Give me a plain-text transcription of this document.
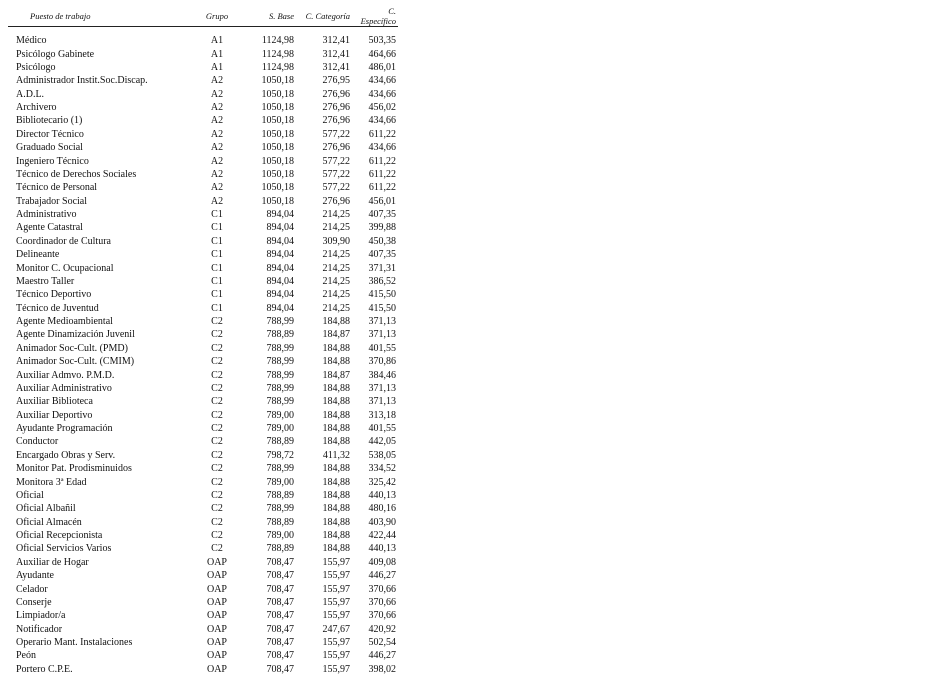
Puesto de trabajo	Grupo	S. Base	C. Categoría	C. Específico

Médico	A1	1124,98	312,41	503,35
Psicólogo Gabinete	A1	1124,98	312,41	464,66
Psicólogo	A1	1124,98	312,41	486,01
Administrador Instit.Soc.Discap.	A2	1050,18	276,95	434,66
A.D.L.	A2	1050,18	276,96	434,66
Archivero	A2	1050,18	276,96	456,02
Bibliotecario (1)	A2	1050,18	276,96	434,66
Director Técnico	A2	1050,18	577,22	611,22
Graduado Social	A2	1050,18	276,96	434,66
Ingeniero Técnico	A2	1050,18	577,22	611,22
Técnico de Derechos Sociales	A2	1050,18	577,22	611,22
Técnico de Personal	A2	1050,18	577,22	611,22
Trabajador Social	A2	1050,18	276,96	456,01
Administrativo	C1	894,04	214,25	407,35
Agente Catastral	C1	894,04	214,25	399,88
Coordinador de Cultura	C1	894,04	309,90	450,38
Delineante	C1	894,04	214,25	407,35
Monitor C. Ocupacional	C1	894,04	214,25	371,31
Maestro Taller	C1	894,04	214,25	386,52
Técnico Deportivo	C1	894,04	214,25	415,50
Técnico de Juventud	C1	894,04	214,25	415,50
Agente Medioambiental	C2	788,99	184,88	371,13
Agente Dinamización Juvenil	C2	788,89	184,87	371,13
Animador Soc-Cult. (PMD)	C2	788,99	184,88	401,55
Animador Soc-Cult. (CMIM)	C2	788,99	184,88	370,86
Auxiliar Admvo. P.M.D.	C2	788,99	184,87	384,46
Auxiliar Administrativo	C2	788,99	184,88	371,13
Auxiliar Biblioteca	C2	788,99	184,88	371,13
Auxiliar Deportivo	C2	789,00	184,88	313,18
Ayudante Programación	C2	789,00	184,88	401,55
Conductor	C2	788,89	184,88	442,05
Encargado Obras y Serv.	C2	798,72	411,32	538,05
Monitor Pat. Prodisminuidos	C2	788,99	184,88	334,52
Monitora 3ª Edad	C2	789,00	184,88	325,42
Oficial	C2	788,89	184,88	440,13
Oficial Albañil	C2	788,99	184,88	480,16
Oficial Almacén	C2	788,89	184,88	403,90
Oficial Recepcionista	C2	789,00	184,88	422,44
Oficial Servicios Varios	C2	788,89	184,88	440,13
Auxiliar de Hogar	OAP	708,47	155,97	409,08
Ayudante	OAP	708,47	155,97	446,27
Celador	OAP	708,47	155,97	370,66
Conserje	OAP	708,47	155,97	370,66
Limpiador/a	OAP	708,47	155,97	370,66
Notificador	OAP	708,47	247,67	420,92
Operario Mant. Instalaciones	OAP	708,47	155,97	502,54
Peón	OAP	708,47	155,97	446,27
Portero C.P.E.	OAP	708,47	155,97	398,02
